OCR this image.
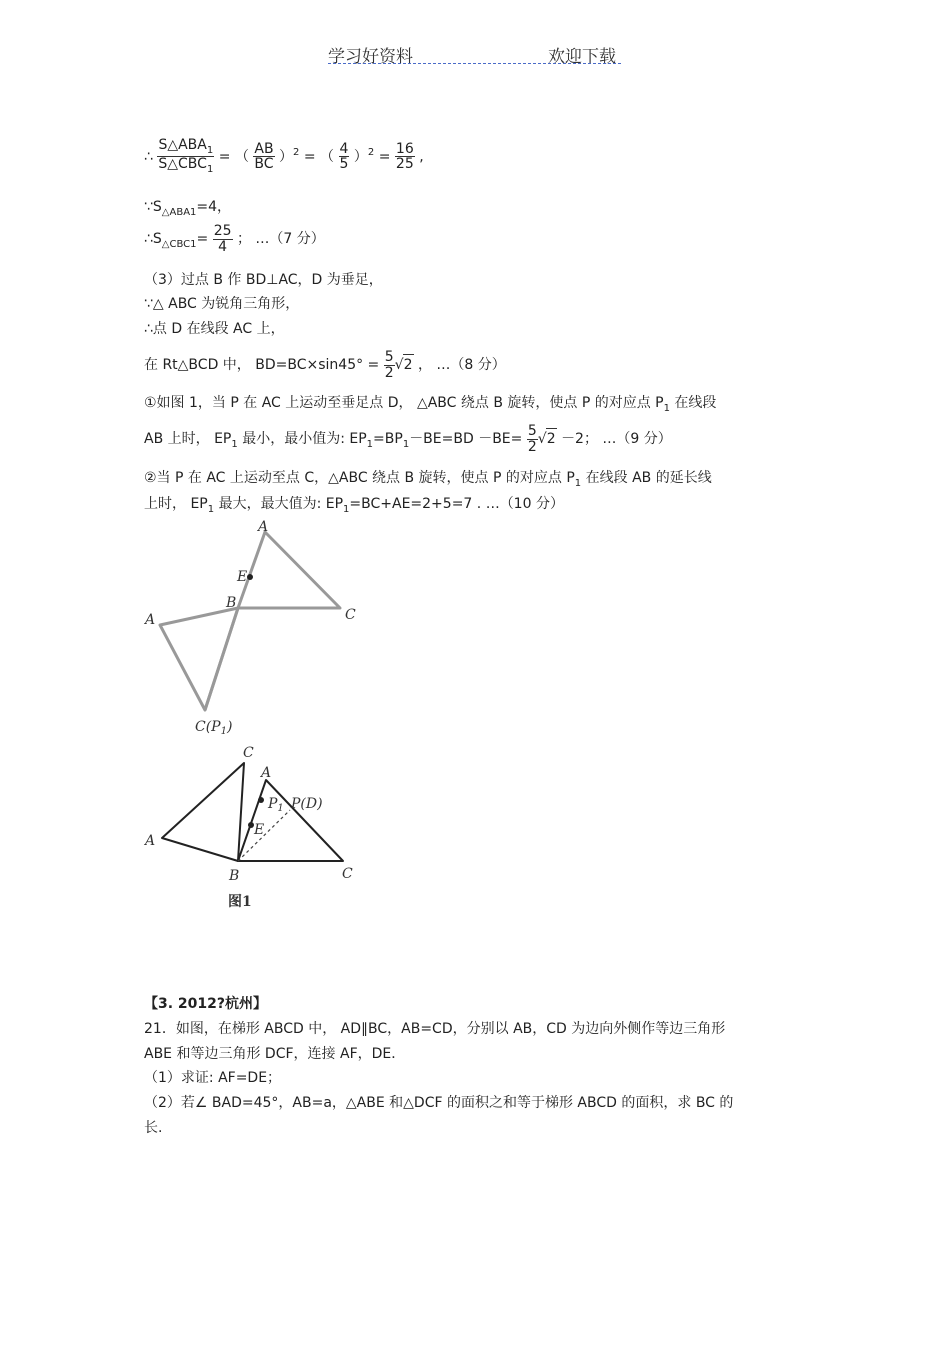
学习好资料	欢迎下载
∴ $\frac{S\triangle ABA_1}{S\triangle CBC_1}$ = （ $\frac{AB}{BC} )^2$ = （ $\frac{4}{5} )^2 = \frac{16}{25}$ ,
$\because S_{\triangle ABA1}=4$，
$\therefore S_{\triangle CBC1}= \frac{25}{4}$ ； …（7 分）
（3）过点 B 作 BD⊥AC，D 为垂足，
∵△ ABC 为锐角三角形，
∴点 D 在线段 AC 上，
在 Rt△BCD 中， $BD=BC\times\sin 45^\circ = \frac{5}{2} √2$ ， …（8 分）
①如图 1，当 P 在 AC 上运动至垂足点 D， △ABC 绕点 B 旋转，使点 P 的对应点 $P_1$ 在线段
AB 上时， $EP_1$ 最小，最小值为: $EP_1=BP_1-BE=BD -BE= \frac{5}{2} √2 -2$； …（9 分）
②当 P 在 AC 上运动至点 C，△ABC 绕点 B 旋转，使点 P 的对应点 $P_1$ 在线段 AB 的延长线
上时， $EP_1$ 最大，最大值为: $EP_1=BC+AE=2+5=7$ . …（10 分）
A
E
B
C
A
$C(P_1)$
C
A
$P_1$ P(D)
E
A
B	C
图1
【3. 2012?杭州】
21．如图，在梯形 ABCD 中， AD∥BC，AB=CD，分别以 AB，CD 为边向外侧作等边三角形
ABE 和等边三角形 DCF，连接 AF，DE．
（1）求证: AF=DE；
（2）若∠ BAD=45°，AB=a，△ABE 和△DCF 的面积之和等于梯形 ABCD 的面积，求 BC 的
长.
